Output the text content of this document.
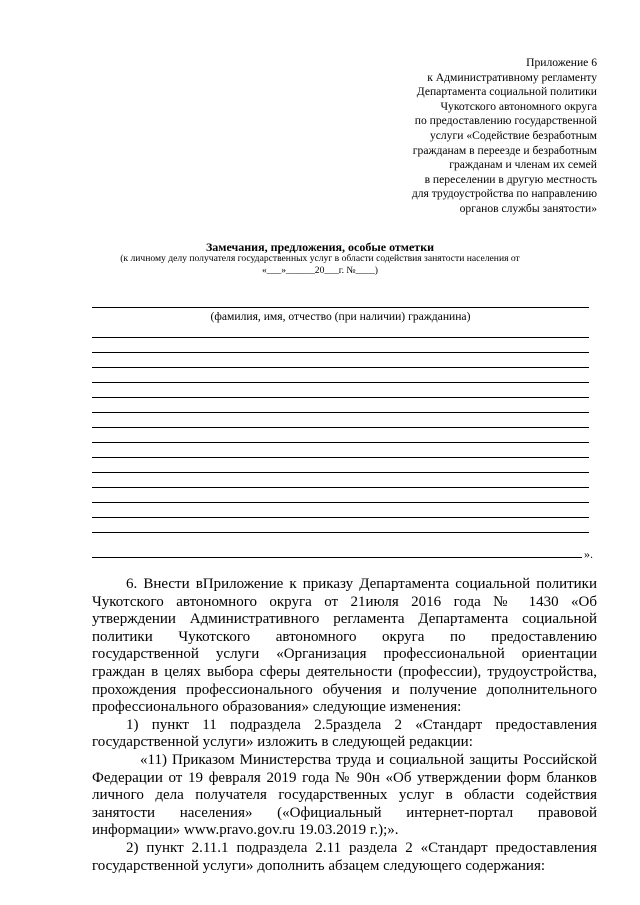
Приложение 6
к Административному регламенту
Департамента социальной политики
Чукотского автономного округа
по предоставлению государственной
услуги «Содействие безработным
гражданам в переезде и безработным
гражданам и членам их семей
в переселении в другую местность
для трудоустройства по направлению
органов службы занятости»
Замечания, предложения, особые отметки
(к личному делу получателя государственных услуг в области содействия занятости населения от
«___»______20___г. №____)
(фамилия, имя, отчество (при наличии) гражданина)
».

6. Внести вПриложение к приказу Департамента социальной политики Чукотского автономного округа от 21июля 2016 года № 1430 «Об утверждении Административного регламента Департамента социальной политики Чукотского автономного округа по предоставлению государственной услуги «Организация профессиональной ориентации граждан в целях выбора сферы деятельности (профессии), трудоустройства, прохождения профессионального обучения и получение дополнительного профессионального образования» следующие изменения:

1) пункт 11 подраздела 2.5раздела 2 «Стандарт предоставления государственной услуги» изложить в следующей редакции:

«11) Приказом Министерства труда и социальной защиты Российской Федерации от 19 февраля 2019 года № 90н «Об утверждении форм бланков личного дела получателя государственных услуг в области содействия занятости населения» («Официальный интернет-портал правовой информации» www.pravo.gov.ru 19.03.2019 г.);».

2) пункт 2.11.1 подраздела 2.11 раздела 2 «Стандарт предоставления государственной услуги» дополнить абзацем следующего содержания:
